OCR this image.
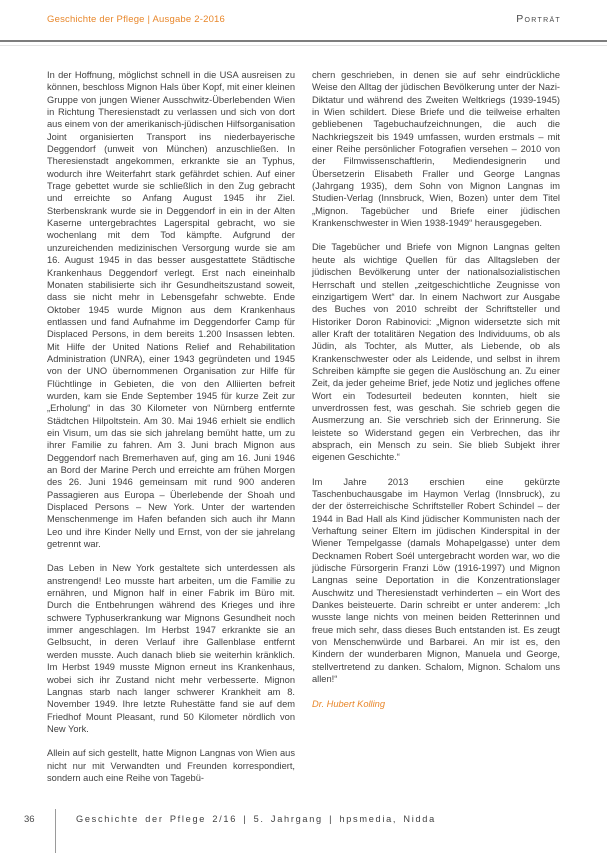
Geschichte der Pflege | Ausgabe 2-2016	Porträt

In der Hoffnung, möglichst schnell in die USA ausreisen zu können, beschloss Mignon Hals über Kopf, mit einer kleinen Gruppe von jungen Wiener Ausschwitz-Überlebenden Wien in Richtung Theresienstadt zu verlassen und sich von dort aus einem von der amerikanisch-jüdischen Hilfsorganisation Joint organisierten Transport ins niederbayerische Deggendorf (unweit von München) anzuschließen. In Theresienstadt angekommen, erkrankte sie an Typhus, wodurch ihre Weiterfahrt stark gefährdet schien. Auf einer Trage gebettet wurde sie schließlich in den Zug gebracht und erreichte so Anfang August 1945 ihr Ziel. Sterbenskrank wurde sie in Deggendorf in ein in der Alten Kaserne untergebrachtes Lagerspital gebracht, wo sie wochenlang mit dem Tod kämpfte. Aufgrund der unzureichenden medizinischen Versorgung wurde sie am 16. August 1945 in das besser ausgestattete Städtische Krankenhaus Deggendorf verlegt. Erst nach eineinhalb Monaten stabilisierte sich ihr Gesundheitszustand soweit, dass sie nicht mehr in Lebensgefahr schwebte. Ende Oktober 1945 wurde Mignon aus dem Krankenhaus entlassen und fand Aufnahme im Deggendorfer Camp für Displaced Persons, in dem bereits 1.200 Insassen lebten. Mit Hilfe der United Nations Relief and Rehabilitation Administration (UNRA), einer 1943 gegründeten und 1945 von der UNO übernommenen Organisation zur Hilfe für Flüchtlinge in Gebieten, die von den Alliierten befreit wurden, kam sie Ende September 1945 für kurze Zeit zur „Erholung“ in das 30 Kilometer von Nürnberg entfernte Städtchen Hilpoltstein. Am 30. Mai 1946 erhielt sie endlich ein Visum, um das sie sich jahrelang bemüht hatte, um zu ihrer Familie zu fahren. Am 3. Juni brach Mignon aus Deggendorf nach Bremerhaven auf, ging am 16. Juni 1946 an Bord der Marine Perch und erreichte am frühen Morgen des 26. Juni 1946 gemeinsam mit rund 900 anderen Passagieren aus Europa – Überlebende der Shoah und Displaced Persons – New York. Unter der wartenden Menschenmenge im Hafen befanden sich auch ihr Mann Leo und ihre Kinder Nelly und Ernst, von der sie jahrelang getrennt war.

Das Leben in New York gestaltete sich unterdessen als anstrengend! Leo musste hart arbeiten, um die Familie zu ernähren, und Mignon half in einer Fabrik im Büro mit. Durch die Entbehrungen während des Krieges und ihre schwere Typhuserkrankung war Mignons Gesundheit noch immer angeschlagen. Im Herbst 1947 erkrankte sie an Gelbsucht, in deren Verlauf ihre Gallenblase entfernt werden musste. Auch danach blieb sie weiterhin kränklich. Im Herbst 1949 musste Mignon erneut ins Krankenhaus, wobei sich ihr Zustand nicht mehr verbesserte. Mignon Langnas starb nach langer schwerer Krankheit am 8. November 1949. Ihre letzte Ruhestätte fand sie auf dem Friedhof Mount Pleasant, rund 50 Kilometer nördlich von New York.

Allein auf sich gestellt, hatte Mignon Langnas von Wien aus nicht nur mit Verwandten und Freunden korrespondiert, sondern auch eine Reihe von Tagebü-

chern geschrieben, in denen sie auf sehr eindrückliche Weise den Alltag der jüdischen Bevölkerung unter der Nazi-Diktatur und während des Zweiten Weltkriegs (1939-1945) in Wien schildert. Diese Briefe und die teilweise erhalten gebliebenen Tagebuchaufzeichnungen, die auch die Nachkriegszeit bis 1949 umfassen, wurden erstmals – mit einer Reihe persönlicher Fotografien versehen – 2010 von der Filmwissenschaftlerin, Mediendesignerin und Übersetzerin Elisabeth Fraller und George Langnas (Jahrgang 1935), dem Sohn von Mignon Langnas im Studien-Verlag (Innsbruck, Wien, Bozen) unter dem Titel „Mignon. Tagebücher und Briefe einer jüdischen Krankenschwester in Wien 1938-1949“ herausgegeben.

Die Tagebücher und Briefe von Mignon Langnas gelten heute als wichtige Quellen für das Alltagsleben der jüdischen Bevölkerung unter der nationalsozialistischen Herrschaft und stellen „zeitgeschichtliche Zeugnisse von einzigartigem Wert“ dar. In einem Nachwort zur Ausgabe des Buches von 2010 schreibt der Schriftsteller und Historiker Doron Rabinovici: „Mignon widersetzte sich mit aller Kraft der totalitären Negation des Individuums, ob als Jüdin, als Tochter, als Mutter, als Liebende, ob als Krankenschwester oder als Leidende, und selbst in ihrem Schreiben kämpfte sie gegen die Auslöschung an. Zu einer Zeit, da jeder geheime Brief, jede Notiz und jegliches offene Wort ein Todesurteil bedeuten konnten, hielt sie unverdrossen fest, was geschah. Sie schrieb gegen die Ausmerzung an. Sie verschrieb sich der Erinnerung. Sie leistete so Widerstand gegen ein Verbrechen, das ihr absprach, ein Mensch zu sein. Sie blieb Subjekt ihrer eigenen Geschichte.“

Im Jahre 2013 erschien eine gekürzte Taschenbuchausgabe im Haymon Verlag (Innsbruck), zu der der österreichische Schriftsteller Robert Schindel – der 1944 in Bad Hall als Kind jüdischer Kommunisten nach der Verhaftung seiner Eltern im jüdischen Kinderspital in der Wiener Tempelgasse (damals Mohapelgasse) unter dem Decknamen Robert Soél untergebracht worden war, wo die jüdische Fürsorgerin Franzi Löw (1916-1997) und Mignon Langnas seine Deportation in die Konzentrationslager Auschwitz und Theresienstadt verhinderten – ein Wort des Dankes beisteuerte. Darin schreibt er unter anderem: „Ich wusste lange nichts von meinen beiden Retterinnen und freue mich sehr, dass dieses Buch entstanden ist. Es zeugt von Menschenwürde und Barbarei. An mir ist es, den Kindern der wunderbaren Mignon, Manuela und George, stellvertretend zu danken. Schalom, Mignon. Schalom uns allen!“

Dr. Hubert Kolling
36	Geschichte der Pflege 2/16 | 5. Jahrgang | hpsmedia, Nidda
